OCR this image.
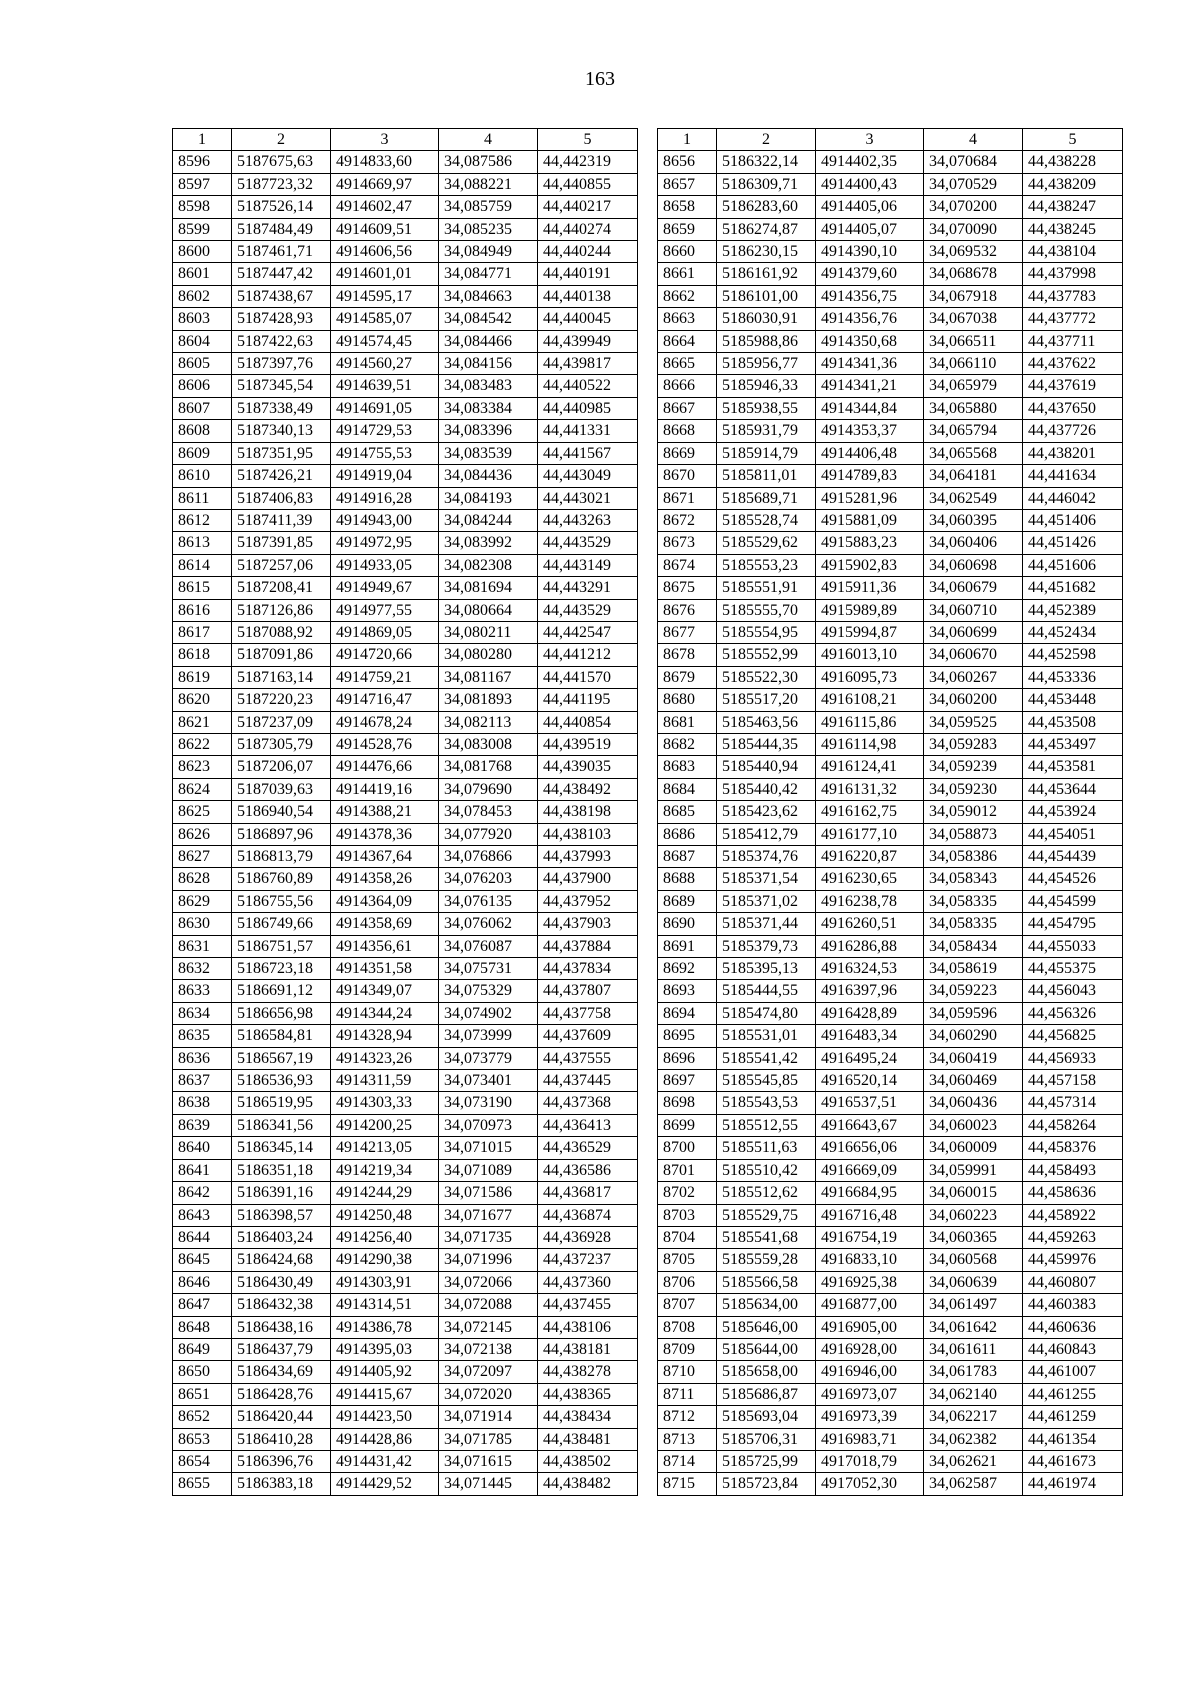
163
1	2	3	4	5
8596	5187675,63	4914833,60	34,087586	44,442319
8597	5187723,32	4914669,97	34,088221	44,440855
8598	5187526,14	4914602,47	34,085759	44,440217
8599	5187484,49	4914609,51	34,085235	44,440274
8600	5187461,71	4914606,56	34,084949	44,440244
8601	5187447,42	4914601,01	34,084771	44,440191
8602	5187438,67	4914595,17	34,084663	44,440138
8603	5187428,93	4914585,07	34,084542	44,440045
8604	5187422,63	4914574,45	34,084466	44,439949
8605	5187397,76	4914560,27	34,084156	44,439817
8606	5187345,54	4914639,51	34,083483	44,440522
8607	5187338,49	4914691,05	34,083384	44,440985
8608	5187340,13	4914729,53	34,083396	44,441331
8609	5187351,95	4914755,53	34,083539	44,441567
8610	5187426,21	4914919,04	34,084436	44,443049
8611	5187406,83	4914916,28	34,084193	44,443021
8612	5187411,39	4914943,00	34,084244	44,443263
8613	5187391,85	4914972,95	34,083992	44,443529
8614	5187257,06	4914933,05	34,082308	44,443149
8615	5187208,41	4914949,67	34,081694	44,443291
8616	5187126,86	4914977,55	34,080664	44,443529
8617	5187088,92	4914869,05	34,080211	44,442547
8618	5187091,86	4914720,66	34,080280	44,441212
8619	5187163,14	4914759,21	34,081167	44,441570
8620	5187220,23	4914716,47	34,081893	44,441195
8621	5187237,09	4914678,24	34,082113	44,440854
8622	5187305,79	4914528,76	34,083008	44,439519
8623	5187206,07	4914476,66	34,081768	44,439035
8624	5187039,63	4914419,16	34,079690	44,438492
8625	5186940,54	4914388,21	34,078453	44,438198
8626	5186897,96	4914378,36	34,077920	44,438103
8627	5186813,79	4914367,64	34,076866	44,437993
8628	5186760,89	4914358,26	34,076203	44,437900
8629	5186755,56	4914364,09	34,076135	44,437952
8630	5186749,66	4914358,69	34,076062	44,437903
8631	5186751,57	4914356,61	34,076087	44,437884
8632	5186723,18	4914351,58	34,075731	44,437834
8633	5186691,12	4914349,07	34,075329	44,437807
8634	5186656,98	4914344,24	34,074902	44,437758
8635	5186584,81	4914328,94	34,073999	44,437609
8636	5186567,19	4914323,26	34,073779	44,437555
8637	5186536,93	4914311,59	34,073401	44,437445
8638	5186519,95	4914303,33	34,073190	44,437368
8639	5186341,56	4914200,25	34,070973	44,436413
8640	5186345,14	4914213,05	34,071015	44,436529
8641	5186351,18	4914219,34	34,071089	44,436586
8642	5186391,16	4914244,29	34,071586	44,436817
8643	5186398,57	4914250,48	34,071677	44,436874
8644	5186403,24	4914256,40	34,071735	44,436928
8645	5186424,68	4914290,38	34,071996	44,437237
8646	5186430,49	4914303,91	34,072066	44,437360
8647	5186432,38	4914314,51	34,072088	44,437455
8648	5186438,16	4914386,78	34,072145	44,438106
8649	5186437,79	4914395,03	34,072138	44,438181
8650	5186434,69	4914405,92	34,072097	44,438278
8651	5186428,76	4914415,67	34,072020	44,438365
8652	5186420,44	4914423,50	34,071914	44,438434
8653	5186410,28	4914428,86	34,071785	44,438481
8654	5186396,76	4914431,42	34,071615	44,438502
8655	5186383,18	4914429,52	34,071445	44,438482
1	2	3	4	5
8656	5186322,14	4914402,35	34,070684	44,438228
8657	5186309,71	4914400,43	34,070529	44,438209
8658	5186283,60	4914405,06	34,070200	44,438247
8659	5186274,87	4914405,07	34,070090	44,438245
8660	5186230,15	4914390,10	34,069532	44,438104
8661	5186161,92	4914379,60	34,068678	44,437998
8662	5186101,00	4914356,75	34,067918	44,437783
8663	5186030,91	4914356,76	34,067038	44,437772
8664	5185988,86	4914350,68	34,066511	44,437711
8665	5185956,77	4914341,36	34,066110	44,437622
8666	5185946,33	4914341,21	34,065979	44,437619
8667	5185938,55	4914344,84	34,065880	44,437650
8668	5185931,79	4914353,37	34,065794	44,437726
8669	5185914,79	4914406,48	34,065568	44,438201
8670	5185811,01	4914789,83	34,064181	44,441634
8671	5185689,71	4915281,96	34,062549	44,446042
8672	5185528,74	4915881,09	34,060395	44,451406
8673	5185529,62	4915883,23	34,060406	44,451426
8674	5185553,23	4915902,83	34,060698	44,451606
8675	5185551,91	4915911,36	34,060679	44,451682
8676	5185555,70	4915989,89	34,060710	44,452389
8677	5185554,95	4915994,87	34,060699	44,452434
8678	5185552,99	4916013,10	34,060670	44,452598
8679	5185522,30	4916095,73	34,060267	44,453336
8680	5185517,20	4916108,21	34,060200	44,453448
8681	5185463,56	4916115,86	34,059525	44,453508
8682	5185444,35	4916114,98	34,059283	44,453497
8683	5185440,94	4916124,41	34,059239	44,453581
8684	5185440,42	4916131,32	34,059230	44,453644
8685	5185423,62	4916162,75	34,059012	44,453924
8686	5185412,79	4916177,10	34,058873	44,454051
8687	5185374,76	4916220,87	34,058386	44,454439
8688	5185371,54	4916230,65	34,058343	44,454526
8689	5185371,02	4916238,78	34,058335	44,454599
8690	5185371,44	4916260,51	34,058335	44,454795
8691	5185379,73	4916286,88	34,058434	44,455033
8692	5185395,13	4916324,53	34,058619	44,455375
8693	5185444,55	4916397,96	34,059223	44,456043
8694	5185474,80	4916428,89	34,059596	44,456326
8695	5185531,01	4916483,34	34,060290	44,456825
8696	5185541,42	4916495,24	34,060419	44,456933
8697	5185545,85	4916520,14	34,060469	44,457158
8698	5185543,53	4916537,51	34,060436	44,457314
8699	5185512,55	4916643,67	34,060023	44,458264
8700	5185511,63	4916656,06	34,060009	44,458376
8701	5185510,42	4916669,09	34,059991	44,458493
8702	5185512,62	4916684,95	34,060015	44,458636
8703	5185529,75	4916716,48	34,060223	44,458922
8704	5185541,68	4916754,19	34,060365	44,459263
8705	5185559,28	4916833,10	34,060568	44,459976
8706	5185566,58	4916925,38	34,060639	44,460807
8707	5185634,00	4916877,00	34,061497	44,460383
8708	5185646,00	4916905,00	34,061642	44,460636
8709	5185644,00	4916928,00	34,061611	44,460843
8710	5185658,00	4916946,00	34,061783	44,461007
8711	5185686,87	4916973,07	34,062140	44,461255
8712	5185693,04	4916973,39	34,062217	44,461259
8713	5185706,31	4916983,71	34,062382	44,461354
8714	5185725,99	4917018,79	34,062621	44,461673
8715	5185723,84	4917052,30	34,062587	44,461974
